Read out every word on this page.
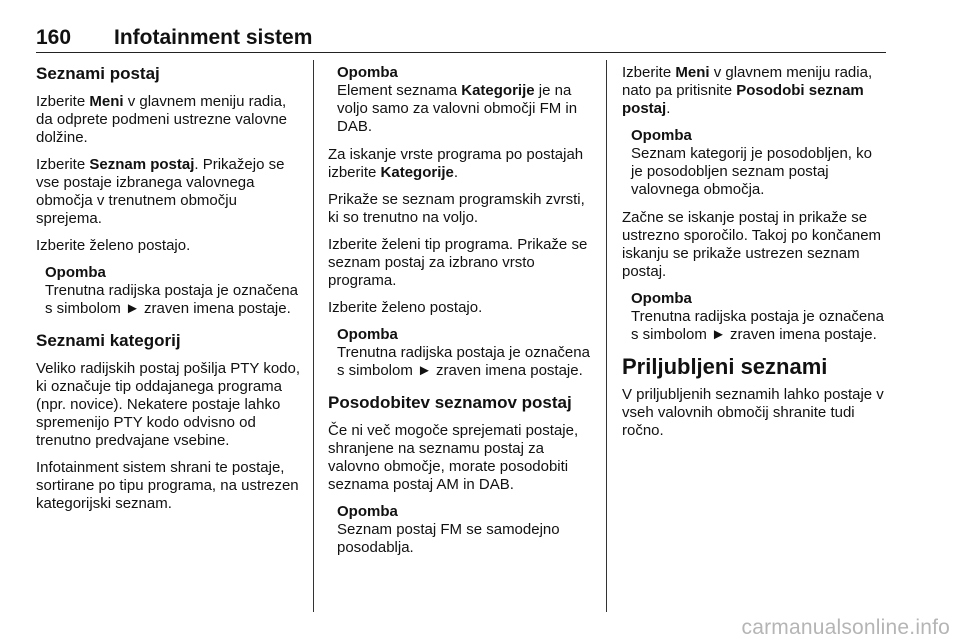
160 Infotainment sistem
Seznami postaj

Izberite Meni v glavnem meniju radia, da odprete podmeni ustrezne valovne dolžine.

Izberite Seznam postaj. Prikažejo se vse postaje izbranega valovnega območja v trenutnem območju sprejema.

Izberite želeno postajo.

Opomba
Trenutna radijska postaja je označena s simbolom ► zraven imena postaje.
Seznami kategorij

Veliko radijskih postaj pošilja PTY kodo, ki označuje tip oddajanega programa (npr. novice). Nekatere postaje lahko spremenijo PTY kodo odvisno od trenutno predvajane vsebine.

Infotainment sistem shrani te postaje, sortirane po tipu programa, na ustrezen kategorijski seznam.

Opomba
Element seznama Kategorije je na voljo samo za valovni območji FM in DAB.

Za iskanje vrste programa po postajah izberite Kategorije.

Prikaže se seznam programskih zvrsti, ki so trenutno na voljo.

Izberite želeni tip programa. Prikaže se seznam postaj za izbrano vrsto programa.

Izberite želeno postajo.

Opomba
Trenutna radijska postaja je označena s simbolom ► zraven imena postaje.
Posodobitev seznamov postaj

Če ni več mogoče sprejemati postaje, shranjene na seznamu postaj za valovno območje, morate posodobiti seznama postaj AM in DAB.

Opomba
Seznam postaj FM se samodejno posodablja.

Izberite Meni v glavnem meniju radia, nato pa pritisnite Posodobi seznam postaj.

Opomba
Seznam kategorij je posodobljen, ko je posodobljen seznam postaj valovnega območja.

Začne se iskanje postaj in prikaže se ustrezno sporočilo. Takoj po končanem iskanju se prikaže ustrezen seznam postaj.

Opomba
Trenutna radijska postaja je označena s simbolom ► zraven imena postaje.
Priljubljeni seznami

V priljubljenih seznamih lahko postaje v vseh valovnih območij shranite tudi ročno.

carmanualsonline.info
